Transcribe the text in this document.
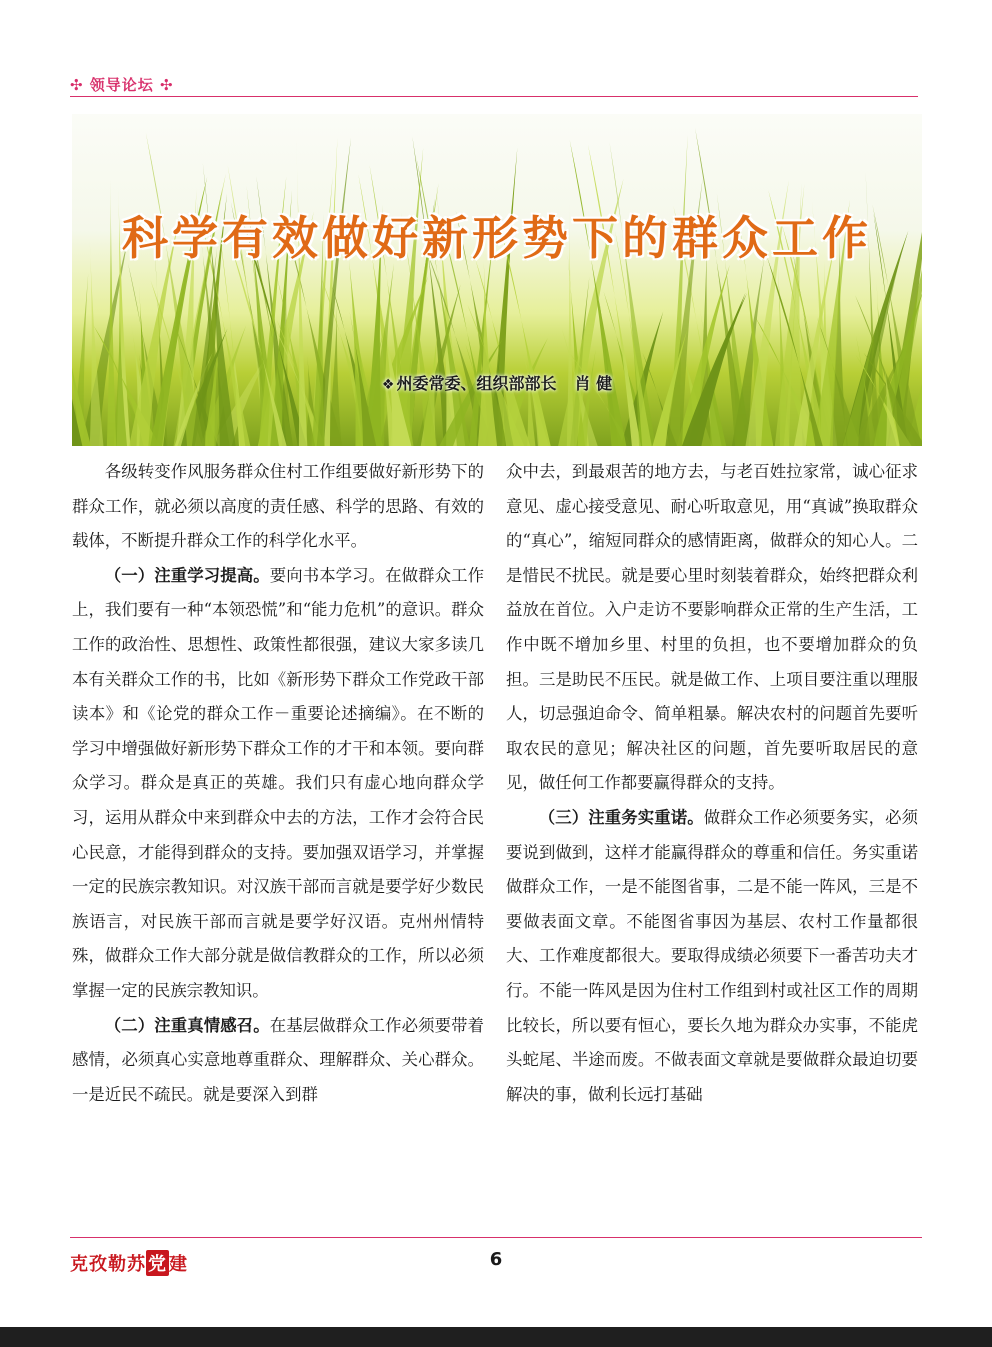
✣ 领导论坛 ✣
科学有效做好新形势下的群众工作
❖ 州委常委、组织部部长 肖 健

各级转变作风服务群众住村工作组要做好新形势下的群众工作，就必须以高度的责任感、科学的思路、有效的载体，不断提升群众工作的科学化水平。

（一）注重学习提高。要向书本学习。在做群众工作上，我们要有一种“本领恐慌”和“能力危机”的意识。群众工作的政治性、思想性、政策性都很强，建议大家多读几本有关群众工作的书，比如《新形势下群众工作党政干部读本》和《论党的群众工作－重要论述摘编》。在不断的学习中增强做好新形势下群众工作的才干和本领。要向群众学习。群众是真正的英雄。我们只有虚心地向群众学习，运用从群众中来到群众中去的方法，工作才会符合民心民意，才能得到群众的支持。要加强双语学习，并掌握一定的民族宗教知识。对汉族干部而言就是要学好少数民族语言，对民族干部而言就是要学好汉语。克州州情特殊，做群众工作大部分就是做信教群众的工作，所以必须掌握一定的民族宗教知识。

（二）注重真情感召。在基层做群众工作必须要带着感情，必须真心实意地尊重群众、理解群众、关心群众。一是近民不疏民。就是要深入到群

众中去，到最艰苦的地方去，与老百姓拉家常，诚心征求意见、虚心接受意见、耐心听取意见，用“真诚”换取群众的“真心”，缩短同群众的感情距离，做群众的知心人。二是惜民不扰民。就是要心里时刻装着群众，始终把群众利益放在首位。入户走访不要影响群众正常的生产生活，工作中既不增加乡里、村里的负担，也不要增加群众的负担。三是助民不压民。就是做工作、上项目要注重以理服人，切忌强迫命令、简单粗暴。解决农村的问题首先要听取农民的意见；解决社区的问题，首先要听取居民的意见，做任何工作都要赢得群众的支持。

（三）注重务实重诺。做群众工作必须要务实，必须要说到做到，这样才能赢得群众的尊重和信任。务实重诺做群众工作，一是不能图省事，二是不能一阵风，三是不要做表面文章。不能图省事因为基层、农村工作量都很大、工作难度都很大。要取得成绩必须要下一番苦功夫才行。不能一阵风是因为住村工作组到村或社区工作的周期比较长，所以要有恒心，要长久地为群众办实事，不能虎头蛇尾、半途而废。不做表面文章就是要做群众最迫切要解决的事，做利长远打基础

克孜勒苏 党 建	6
